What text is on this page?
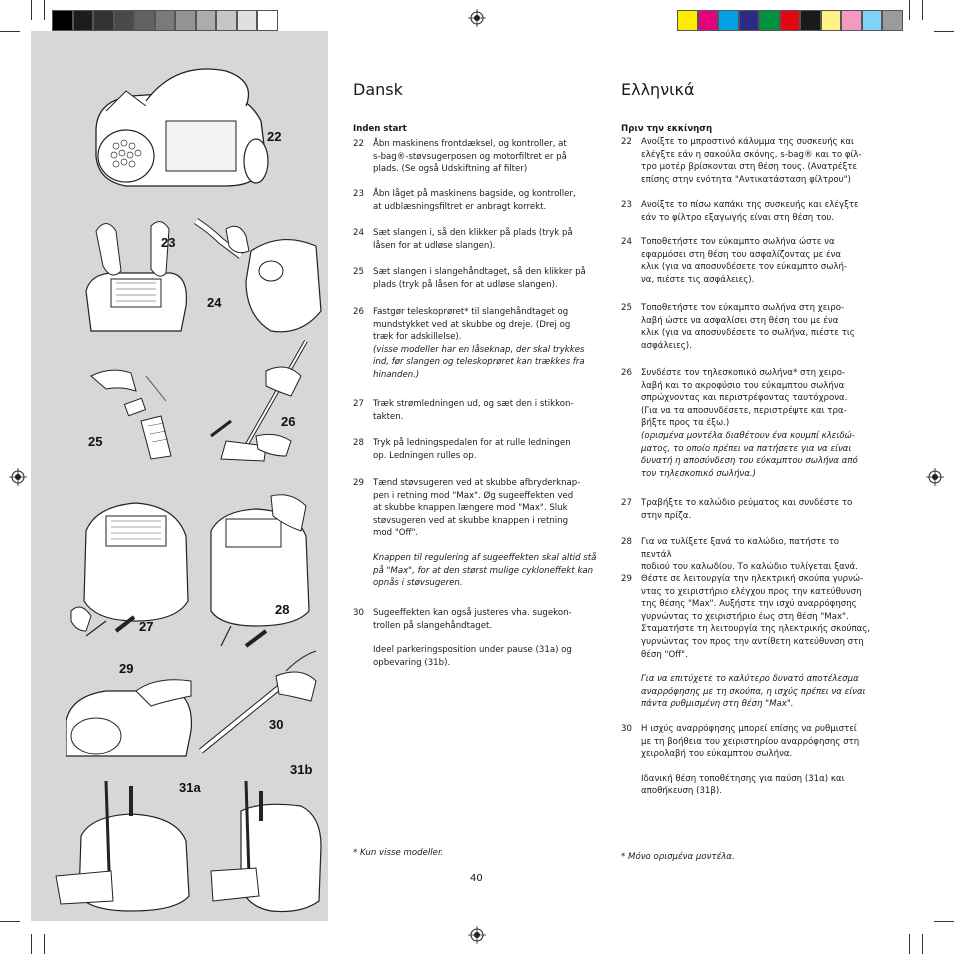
22
23
24
25
26
27
28
29
30
31a
31b
Dansk
Inden start
22	Åbn maskinens frontdæksel, og kontroller, at
s-bag®-støvsugerposen og motorfiltret er på
plads. (Se også Udskiftning af filter)
23	Åbn låget på maskinens bagside, og kontroller,
at udblæsningsfiltret er anbragt korrekt.
24	Sæt slangen i, så den klikker på plads (tryk på
låsen for at udløse slangen).
25	Sæt slangen i slangehåndtaget, så den klikker på
plads (tryk på låsen for at udløse slangen).
26	Fastgør teleskoprøret* til slangehåndtaget og
mundstykket ved at skubbe og dreje. (Drej og
træk for adskillelse).
(visse modeller har en låseknap, der skal trykkes
ind, før slangen og teleskoprøret kan trækkes fra
hinanden.)
27	Træk strømledningen ud, og sæt den i stikkon-
takten.
28	Tryk på ledningspedalen for at rulle ledningen
op. Ledningen rulles op.
29	Tænd støvsugeren ved at skubbe afbryderknap-
pen i retning mod "Max". Øg sugeeffekten ved
at skubbe knappen længere mod "Max". Sluk
støvsugeren ved at skubbe knappen i retning
mod "Off".
Knappen til regulering af sugeeffekten skal altid stå
på "Max", for at den størst mulige cykloneffekt kan
opnås i støvsugeren.
30	Sugeeffekten kan også justeres vha. sugekon-
trollen på slangehåndtaget.
Ideel parkeringsposition under pause (31a) og
opbevaring (31b).
* Kun visse modeller.
Ελληνικά
Πριν την εκκίνηση
22	Ανοίξτε το μπροστινό κάλυμμα της συσκευής και
ελέγξτε εάν η σακούλα σκόνης, s-bag® και το φίλ-
τρο μοτέρ βρίσκονται στη θέση τους. (Ανατρέξτε
επίσης στην ενότητα "Αντικατάσταση φίλτρου")
23	Ανοίξτε το πίσω καπάκι της συσκευής και ελέγξτε
εάν το φίλτρο εξαγωγής είναι στη θέση του.
24	Τοποθετήστε τον εύκαμπτο σωλήνα ώστε να
εφαρμόσει στη θέση του ασφαλίζοντας με ένα
κλικ (για να αποσυνδέσετε τον εύκαμπτο σωλή-
να, πιέστε τις ασφάλειες).
25	Τοποθετήστε τον εύκαμπτο σωλήνα στη χειρο-
λαβή ώστε να ασφαλίσει στη θέση του με ένα
κλικ (για να αποσυνδέσετε το σωλήνα, πιέστε τις
ασφάλειες).
26	Συνδέστε τον τηλεσκοπικό σωλήνα* στη χειρο-
λαβή και το ακροφύσιο του εύκαμπτου σωλήνα
σπρώχνοντας και περιστρέφοντας ταυτόχρονα.
(Για να τα αποσυνδέσετε, περιστρέψτε και τρα-
βήξτε προς τα έξω.)
(ορισμένα μοντέλα διαθέτουν ένα κουμπί κλειδώ-
ματος, το οποίο πρέπει να πατήσετε για να είναι
δυνατή η αποσύνδεση του εύκαμπτου σωλήνα από
τον τηλεσκοπικό σωλήνα.)
27	Τραβήξτε το καλώδιο ρεύματος και συνδέστε το
στην πρίζα.
28	Για να τυλίξετε ξανά το καλώδιο, πατήστε το πεντάλ
ποδιού του καλωδίου. Το καλώδιο τυλίγεται ξανά.
29	Θέστε σε λειτουργία την ηλεκτρική σκούπα γυρνώ-
ντας το χειριστήριο ελέγχου προς την κατεύθυνση
της θέσης "Max". Αυξήστε την ισχύ αναρρόφησης
γυρνώντας το χειριστήριο έως στη θέση "Max".
Σταματήστε τη λειτουργία της ηλεκτρικής σκούπας,
γυρνώντας τον προς την αντίθετη κατεύθυνση στη
θέση "Off".
Για να επιτύχετε το καλύτερο δυνατό αποτέλεσμα
αναρρόφησης με τη σκούπα, η ισχύς πρέπει να είναι
πάντα ρυθμισμένη στη θέση "Max".
30	Η ισχύς αναρρόφησης μπορεί επίσης να ρυθμιστεί
με τη βοήθεια του χειριστηρίου αναρρόφησης στη
χειρολαβή του εύκαμπτου σωλήνα.
Ιδανική θέση τοποθέτησης για παύση (31α) και
αποθήκευση (31β).
* Μόνο ορισμένα μοντέλα.
40
